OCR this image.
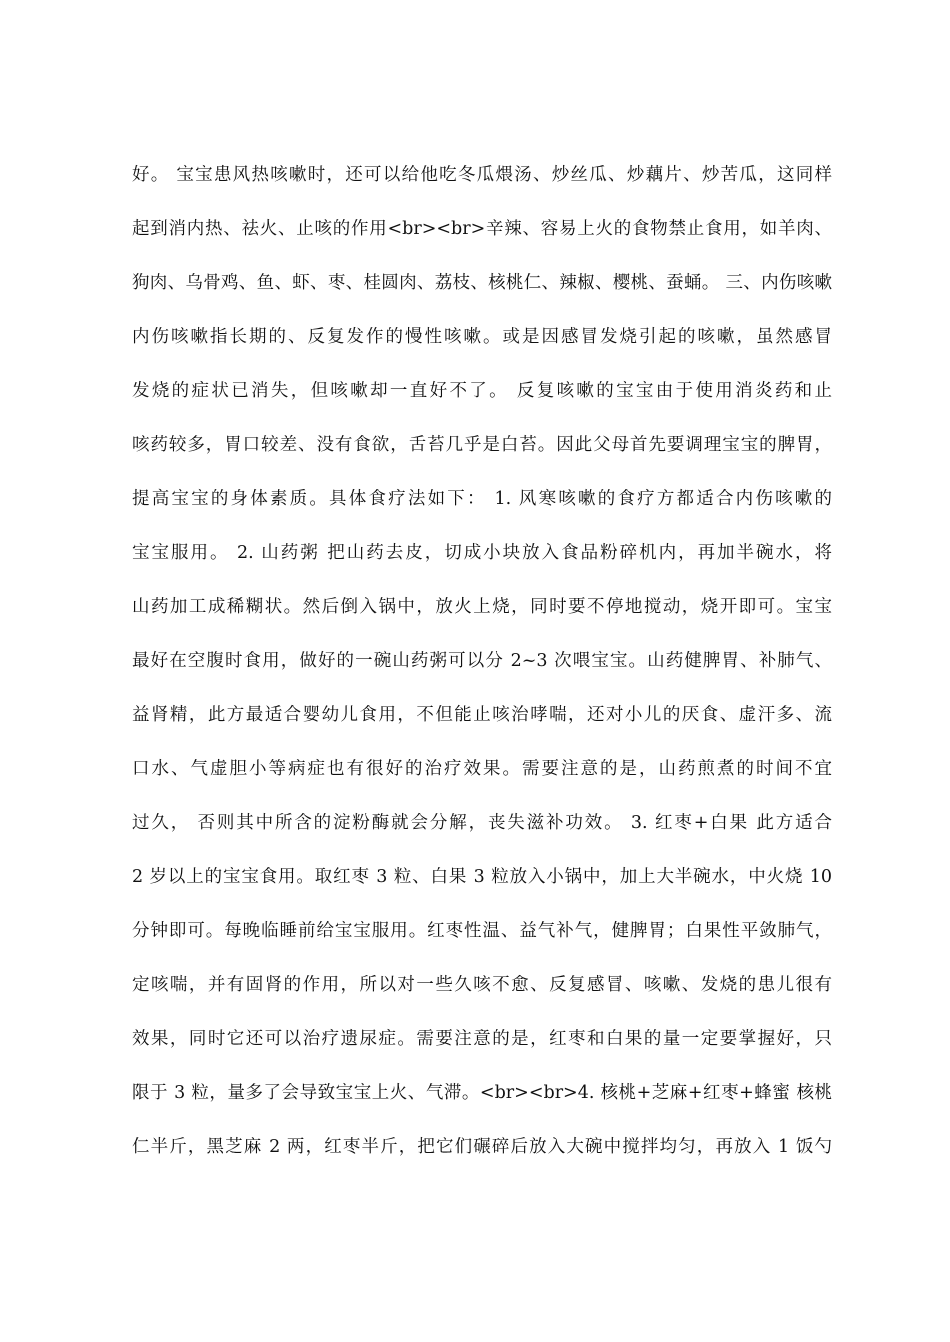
好。 宝宝患风热咳嗽时，还可以给他吃冬瓜煨汤、炒丝瓜、炒藕片、炒苦瓜，这同样
起到消内热、祛火、止咳的作用<br><br>辛辣、容易上火的食物禁止食用，如羊肉、
狗肉、乌骨鸡、鱼、虾、枣、桂圆肉、荔枝、核桃仁、辣椒、樱桃、蚕蛹。 三、内伤咳嗽
内伤咳嗽指长期的、反复发作的慢性咳嗽。或是因感冒发烧引起的咳嗽，虽然感冒
发烧的症状已消失，但咳嗽却一直好不了。 反复咳嗽的宝宝由于使用消炎药和止
咳药较多，胃口较差、没有食欲，舌苔几乎是白苔。因此父母首先要调理宝宝的脾胃，
提高宝宝的身体素质。具体食疗法如下： 1. 风寒咳嗽的食疗方都适合内伤咳嗽的
宝宝服用。 2. 山药粥 把山药去皮，切成小块放入食品粉碎机内，再加半碗水，将
山药加工成稀糊状。然后倒入锅中，放火上烧，同时要不停地搅动，烧开即可。宝宝
最好在空腹时食用，做好的一碗山药粥可以分 2~3 次喂宝宝。山药健脾胃、补肺气、
益肾精，此方最适合婴幼儿食用，不但能止咳治哮喘，还对小儿的厌食、虚汗多、流
口水、气虚胆小等病症也有很好的治疗效果。需要注意的是，山药煎煮的时间不宜
过久， 否则其中所含的淀粉酶就会分解，丧失滋补功效。 3. 红枣+白果 此方适合
2 岁以上的宝宝食用。取红枣 3 粒、白果 3 粒放入小锅中，加上大半碗水，中火烧 10
分钟即可。每晚临睡前给宝宝服用。红枣性温、益气补气，健脾胃；白果性平敛肺气，
定咳喘，并有固肾的作用，所以对一些久咳不愈、反复感冒、咳嗽、发烧的患儿很有
效果，同时它还可以治疗遗尿症。需要注意的是，红枣和白果的量一定要掌握好，只
限于 3 粒，量多了会导致宝宝上火、气滞。<br><br>4. 核桃+芝麻+红枣+蜂蜜 核桃
仁半斤，黑芝麻 2 两，红枣半斤，把它们碾碎后放入大碗中搅拌均匀，再放入 1 饭勺
